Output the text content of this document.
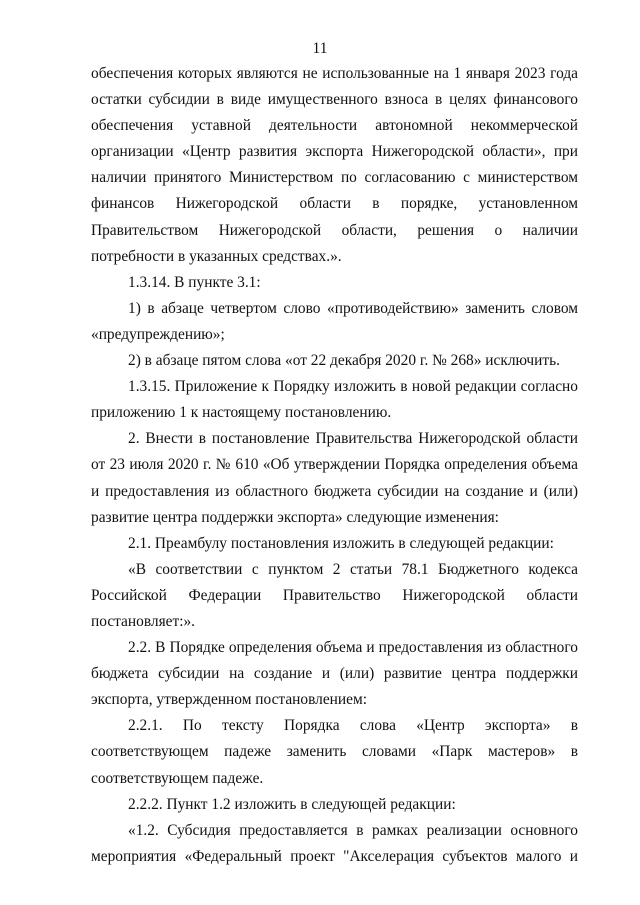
11

обеспечения которых являются не использованные на 1 января 2023 года остатки субсидии в виде имущественного взноса в целях финансового обеспечения уставной деятельности автономной некоммерческой организации «Центр развития экспорта Нижегородской области», при наличии принятого Министерством по согласованию с министерством финансов Нижегородской области в порядке, установленном Правительством Нижегородской области, решения о наличии потребности в указанных средствах.».

1.3.14. В пункте 3.1:

1) в абзаце четвертом слово «противодействию» заменить словом «предупреждению»;

2) в абзаце пятом слова «от 22 декабря 2020 г. № 268» исключить.

1.3.15. Приложение к Порядку изложить в новой редакции согласно приложению 1 к настоящему постановлению.

2. Внести в постановление Правительства Нижегородской области от 23 июля 2020 г. № 610 «Об утверждении Порядка определения объема и предоставления из областного бюджета субсидии на создание и (или) развитие центра поддержки экспорта» следующие изменения:

2.1. Преамбулу постановления изложить в следующей редакции:

«В соответствии с пунктом 2 статьи 78.1 Бюджетного кодекса Российской Федерации Правительство Нижегородской области постановляет:».

2.2. В Порядке определения объема и предоставления из областного бюджета субсидии на создание и (или) развитие центра поддержки экспорта, утвержденном постановлением:

2.2.1. По тексту Порядка слова «Центр экспорта» в соответствующем падеже заменить словами «Парк мастеров» в соответствующем падеже.

2.2.2. Пункт 1.2 изложить в следующей редакции:

«1.2. Субсидия предоставляется в рамках реализации основного мероприятия «Федеральный проект "Акселерация субъектов малого и
